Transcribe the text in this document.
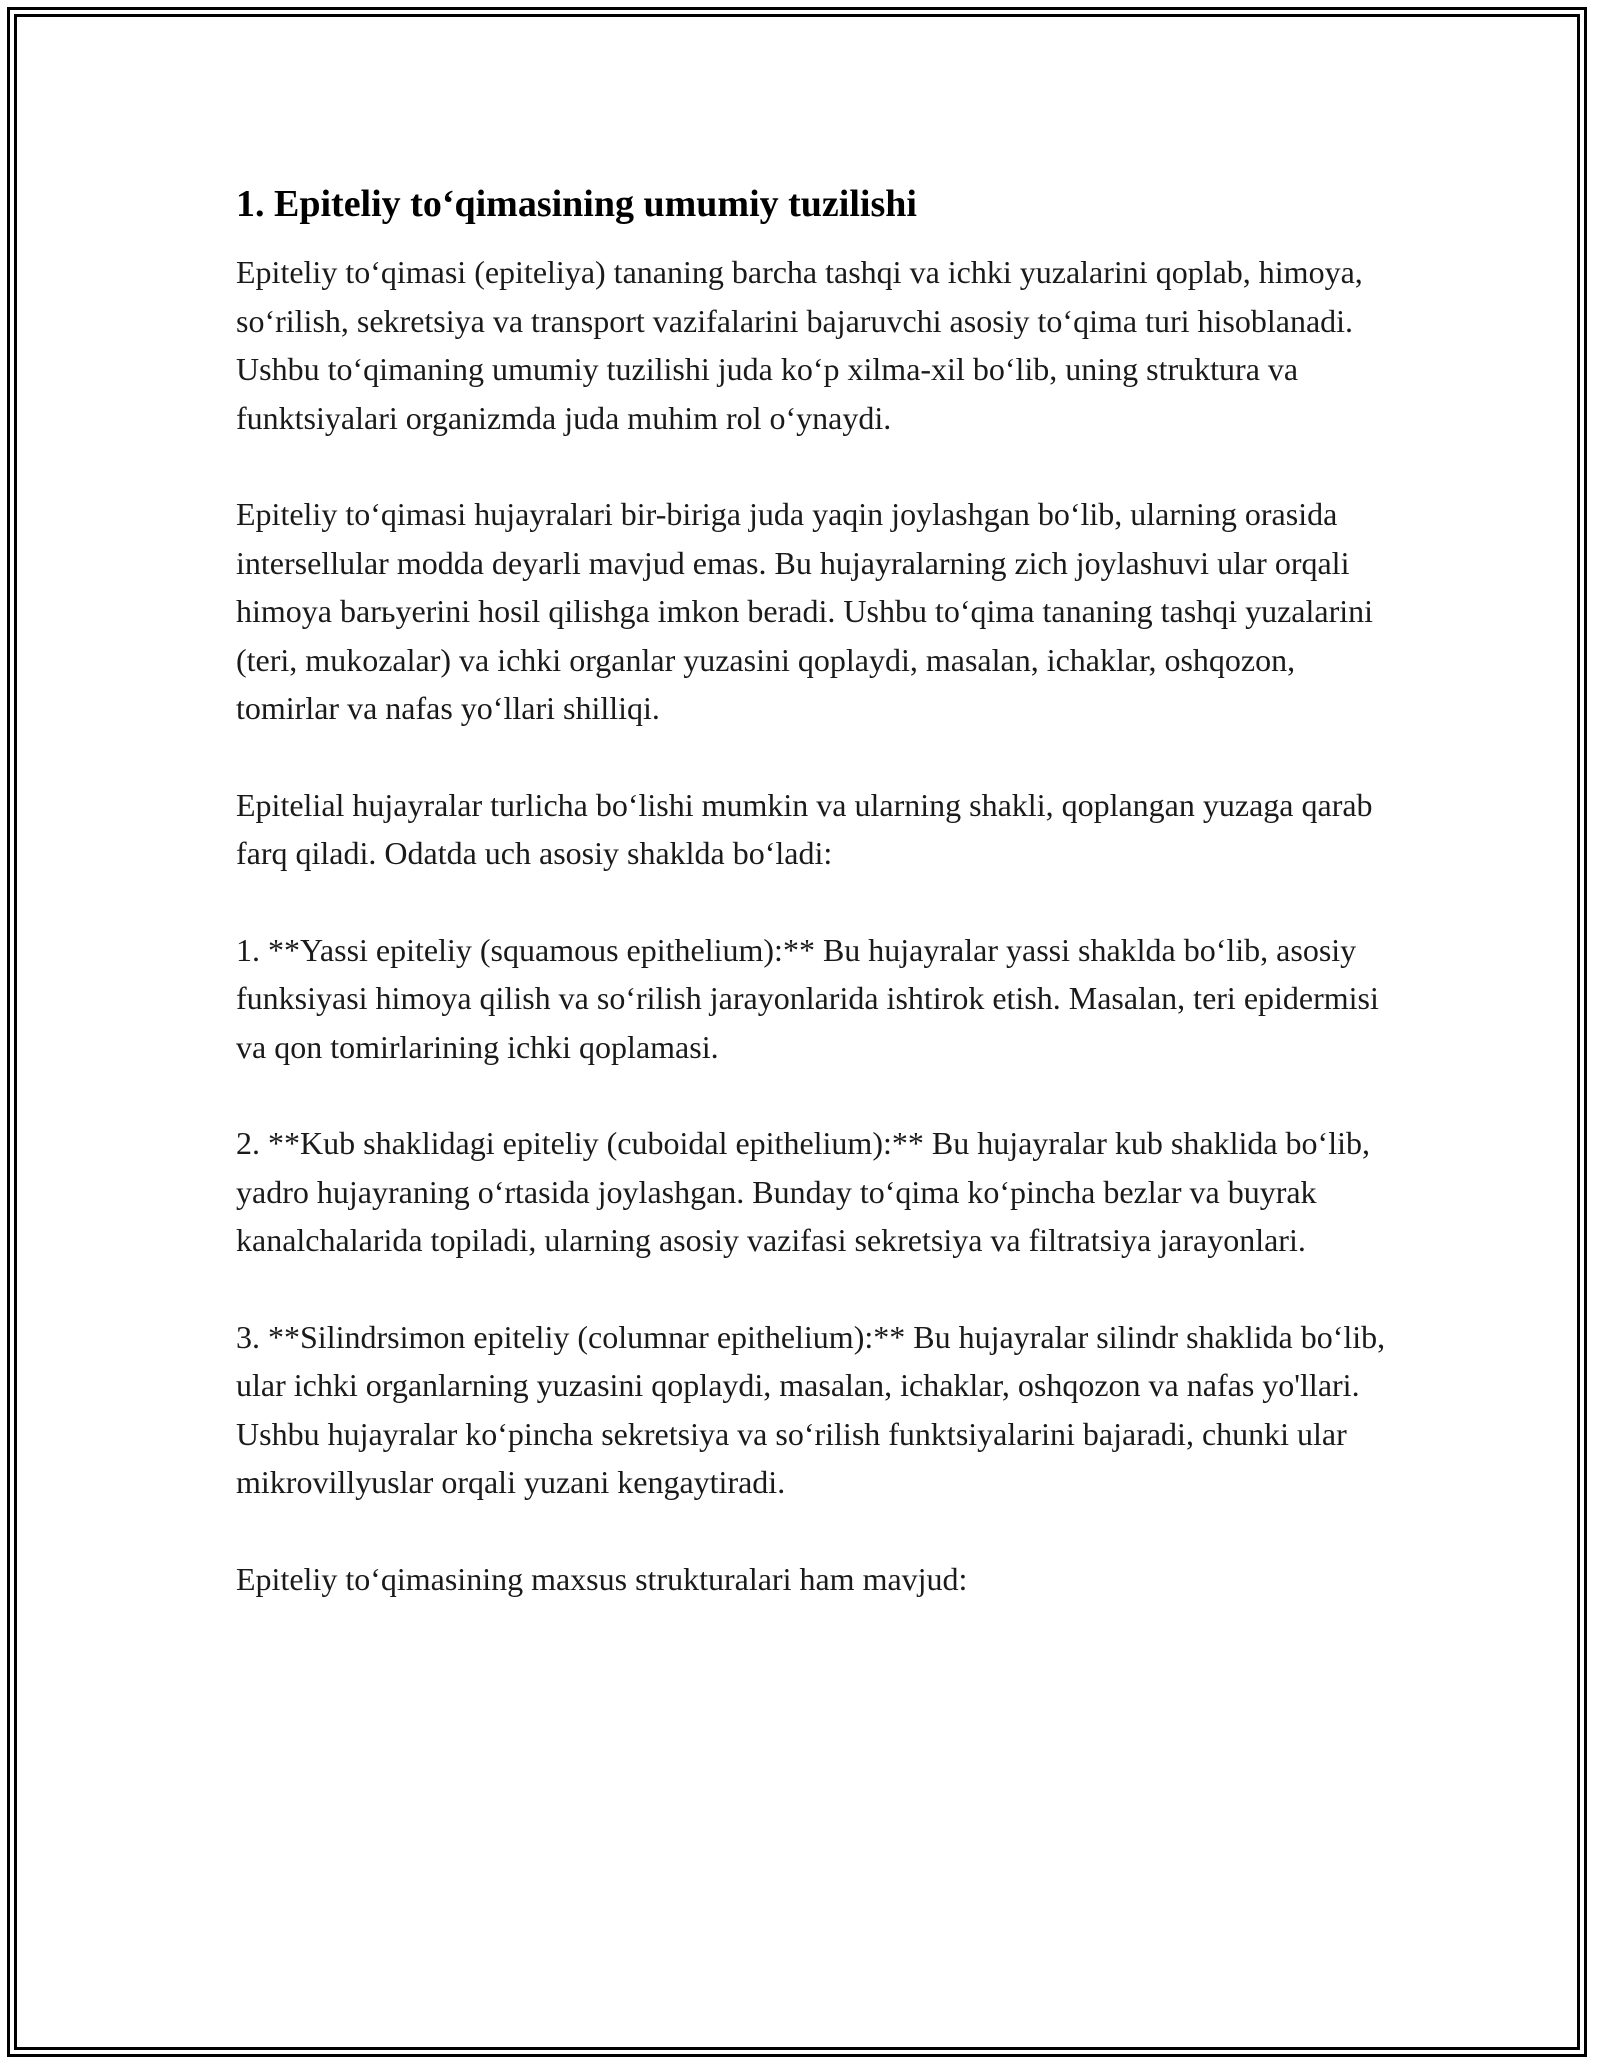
1. Epiteliy to‘qimasining umumiy tuzilishi

Epiteliy to‘qimasi (epiteliya) tananing barcha tashqi va ichki yuzalarini qoplab, himoya, so‘rilish, sekretsiya va transport vazifalarini bajaruvchi asosiy to‘qima turi hisoblanadi. Ushbu to‘qimaning umumiy tuzilishi juda ko‘p xilma-xil bo‘lib, uning struktura va funktsiyalari organizmda juda muhim rol o‘ynaydi.

Epiteliy to‘qimasi hujayralari bir-biriga juda yaqin joylashgan bo‘lib, ularning orasida intersellular modda deyarli mavjud emas. Bu hujayralarning zich joylashuvi ular orqali himoya barьyerini hosil qilishga imkon beradi. Ushbu to‘qima tananing tashqi yuzalarini (teri, mukozalar) va ichki organlar yuzasini qoplaydi, masalan, ichaklar, oshqozon, tomirlar va nafas yo‘llari shilliqi.

Epitelial hujayralar turlicha bo‘lishi mumkin va ularning shakli, qoplangan yuzaga qarab farq qiladi. Odatda uch asosiy shaklda bo‘ladi:

1. **Yassi epiteliy (squamous epithelium):** Bu hujayralar yassi shaklda bo‘lib, asosiy funksiyasi himoya qilish va so‘rilish jarayonlarida ishtirok etish. Masalan, teri epidermisi va qon tomirlarining ichki qoplamasi.

2. **Kub shaklidagi epiteliy (cuboidal epithelium):** Bu hujayralar kub shaklida bo‘lib, yadro hujayraning o‘rtasida joylashgan. Bunday to‘qima ko‘pincha bezlar va buyrak kanalchalarida topiladi, ularning asosiy vazifasi sekretsiya va filtratsiya jarayonlari.

3. **Silindrsimon epiteliy (columnar epithelium):** Bu hujayralar silindr shaklida bo‘lib, ular ichki organlarning yuzasini qoplaydi, masalan, ichaklar, oshqozon va nafas yo'llari. Ushbu hujayralar ko‘pincha sekretsiya va so‘rilish funktsiyalarini bajaradi, chunki ular mikrovillyuslar orqali yuzani kengaytiradi.

Epiteliy to‘qimasining maxsus strukturalari ham mavjud:
